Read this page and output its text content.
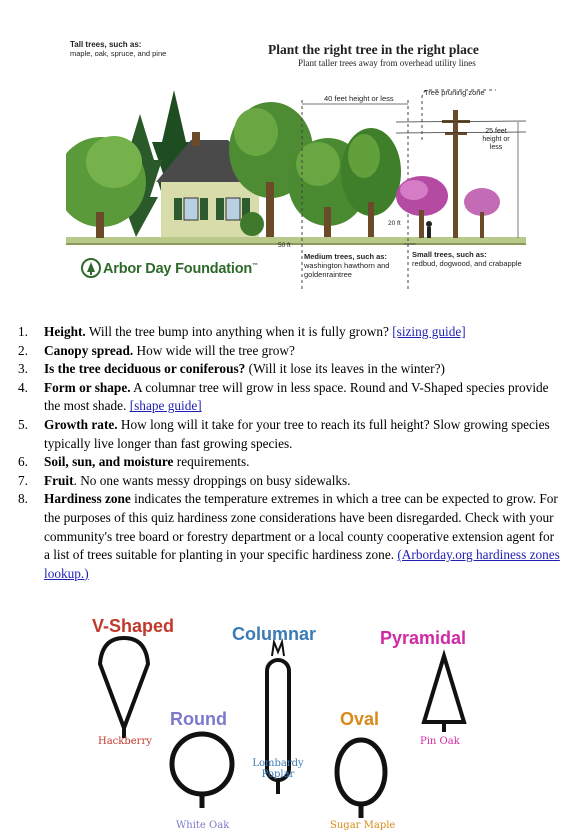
Plant the right tree in the right place
Plant taller trees away from overhead utility lines
Tall trees, such as:
maple, oak, spruce, and pine
40 feet height or less
Tree pruning zone
25 feet height or less
20 ft
50 ft
Medium trees, such as:
washington hawthorn and goldenraintree
Small trees, such as:
redbud, dogwood, and crabapple
Arbor Day Foundation™
1. Height. Will the tree bump into anything when it is fully grown? [sizing guide]
2. Canopy spread. How wide will the tree grow?
3. Is the tree deciduous or coniferous? (Will it lose its leaves in the winter?)
4. Form or shape. A columnar tree will grow in less space. Round and V-Shaped species provide the most shade. [shape guide]
5. Growth rate. How long will it take for your tree to reach its full height? Slow growing species typically live longer than fast growing species.
6. Soil, sun, and moisture requirements.
7. Fruit. No one wants messy droppings on busy sidewalks.
8. Hardiness zone indicates the temperature extremes in which a tree can be expected to grow. For the purposes of this quiz hardiness zone considerations have been disregarded. Check with your community's tree board or forestry department or a local county cooperative extension agent for a list of trees suitable for planting in your specific hardiness zone. (Arborday.org hardiness zones lookup.)
V-Shaped	Columnar	Pyramidal
Round	Oval
Hackberry
Lombardy
Poplar
Pin Oak
White Oak	Sugar Maple
